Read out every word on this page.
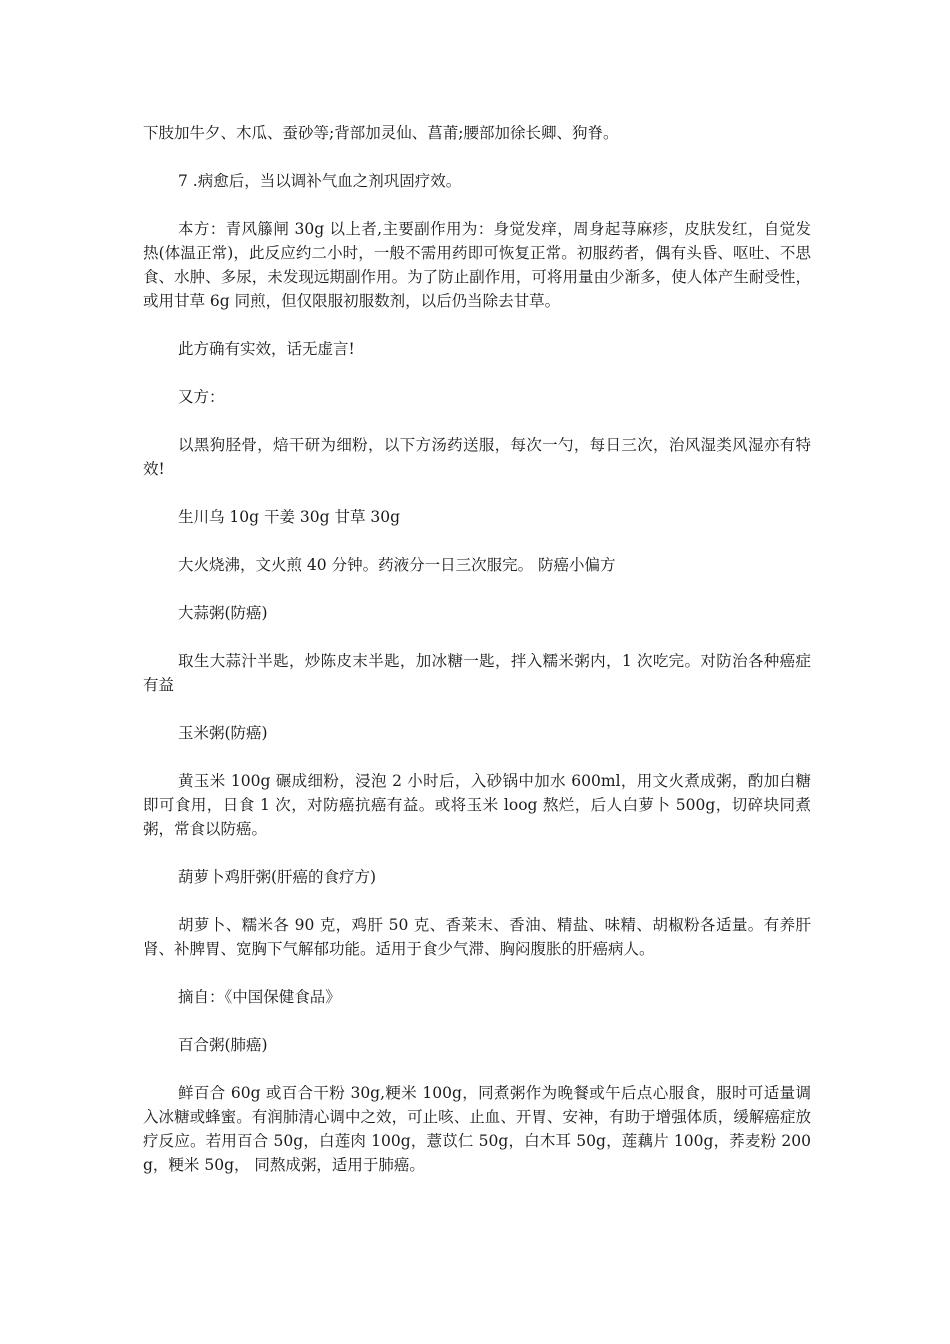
下肢加牛夕、木瓜、蚕砂等;背部加灵仙、菖莆;腰部加徐长卿、狗脊。

7 .病愈后，当以调补气血之剂巩固疗效。

本方：青风籐闸 30g 以上者,主要副作用为：身觉发痒，周身起荨麻疹，皮肤发红，自觉发热(体温正常)，此反应约二小时，一般不需用药即可恢复正常。初服药者，偶有头昏、呕吐、不思食、水肿、多尿，未发现远期副作用。为了防止副作用，可将用量由少渐多，使人体产生耐受性，或用甘草 6g 同煎，但仅限服初服数剂，以后仍当除去甘草。

此方确有实效，话无虚言!

又方：

以黑狗胫骨，焙干研为细粉，以下方汤药送服，每次一勺，每日三次，治风湿类风湿亦有特效!

生川乌 10g 干姜 30g 甘草 30g

大火烧沸，文火煎 40 分钟。药液分一日三次服完。 防癌小偏方

大蒜粥(防癌)

取生大蒜汁半匙，炒陈皮末半匙，加冰糖一匙，拌入糯米粥内，1 次吃完。对防治各种癌症有益

玉米粥(防癌)

黄玉米 100g 碾成细粉，浸泡 2 小时后，入砂锅中加水 600ml，用文火煮成粥，酌加白糖即可食用，日食 1 次，对防癌抗癌有益。或将玉米 loog 熬烂，后人白萝卜 500g，切碎块同煮粥，常食以防癌。

葫萝卜鸡肝粥(肝癌的食疗方)

胡萝卜、糯米各 90 克，鸡肝 50 克、香莱末、香油、精盐、味精、胡椒粉各适量。有养肝肾、补脾胃、宽胸下气解郁功能。适用于食少气滞、胸闷腹胀的肝癌病人。

摘自：《中国保健食品》

百合粥(肺癌)

鲜百合 60g 或百合干粉 30g,粳米 100g，同煮粥作为晚餐或午后点心服食，服时可适量调入冰糖或蜂蜜。有润肺清心调中之效，可止咳、止血、开胃、安神，有助于增强体质，缓解癌症放疗反应。若用百合 50g，白莲肉 100g，薏苡仁 50g，白木耳 50g，莲藕片 100g，荞麦粉 200g，粳米 50g， 同熬成粥，适用于肺癌。
